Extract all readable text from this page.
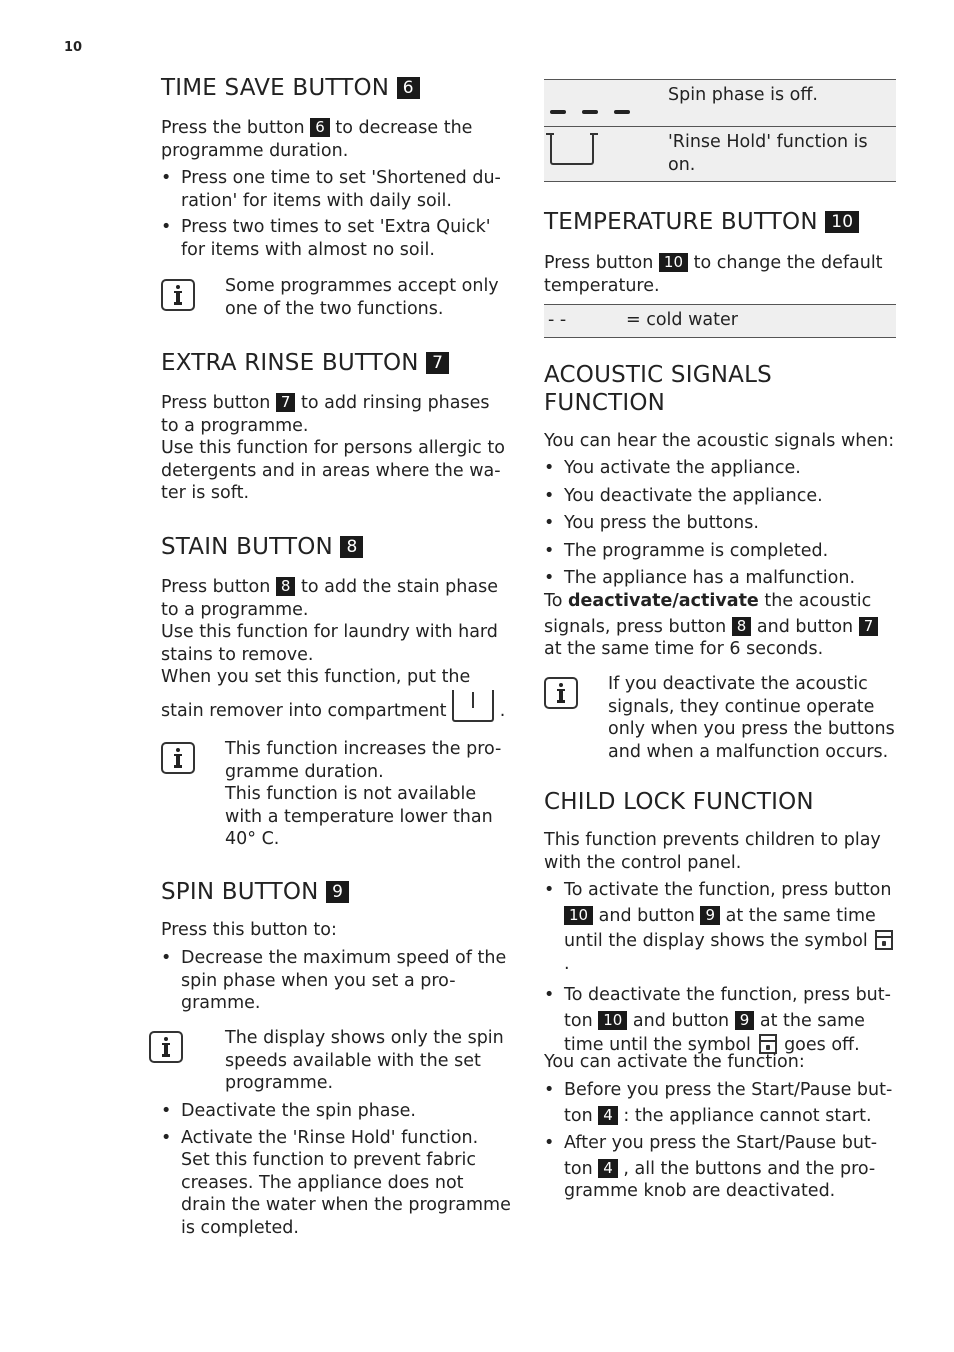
10
TIME SAVE BUTTON 6

Press the button 6 to decrease the programme duration.

• Press one time to set 'Shortened du-ration' for items with daily soil.
• Press two times to set 'Extra Quick' for items with almost no soil.
Some programmes accept only one of the two functions.
EXTRA RINSE BUTTON 7

Press button 7 to add rinsing phases to a programme.

Use this function for persons allergic to detergents and in areas where the wa-ter is soft.

STAIN BUTTON 8

Press button 8 to add the stain phase to a programme.

Use this function for laundry with hard stains to remove.

When you set this function, put the

stain remover into compartment	.

This function increases the pro-gramme duration.

This function is not available with a temperature lower than 40° C.

SPIN BUTTON 9
Press this button to:
• Decrease the maximum speed of the spin phase when you set a pro-gramme.
The display shows only the spin speeds available with the set programme.
• Deactivate the spin phase.
• Activate the 'Rinse Hold' function. Set this function to prevent fabric creases. The appliance does not drain the water when the programme is completed.
Spin phase is off.
'Rinse Hold' function is on.
TEMPERATURE BUTTON 10

Press button 10 to change the default temperature.

- -	= cold water
ACOUSTIC SIGNALS
FUNCTION
You can hear the acoustic signals when:
• You activate the appliance.
• You deactivate the appliance.
• You press the buttons.
• The programme is completed.
• The appliance has a malfunction.

To deactivate/activate the acoustic

signals, press button 8 and button 7

at the same time for 6 seconds.

If you deactivate the acoustic signals, they continue operate only when you press the buttons and when a malfunction occurs.
CHILD LOCK FUNCTION
This function prevents children to play with the control panel.
• To activate the function, press button
10 and button 9 at the same time
until the display shows the symbol
.
• To deactivate the function, press but-
ton 10 and button 9 at the same
time until the symbol goes off.
You can activate the function:
• Before you press the Start/Pause but-
ton 4 : the appliance cannot start.
• After you press the Start/Pause but-
ton 4 , all the buttons and the pro-
gramme knob are deactivated.
